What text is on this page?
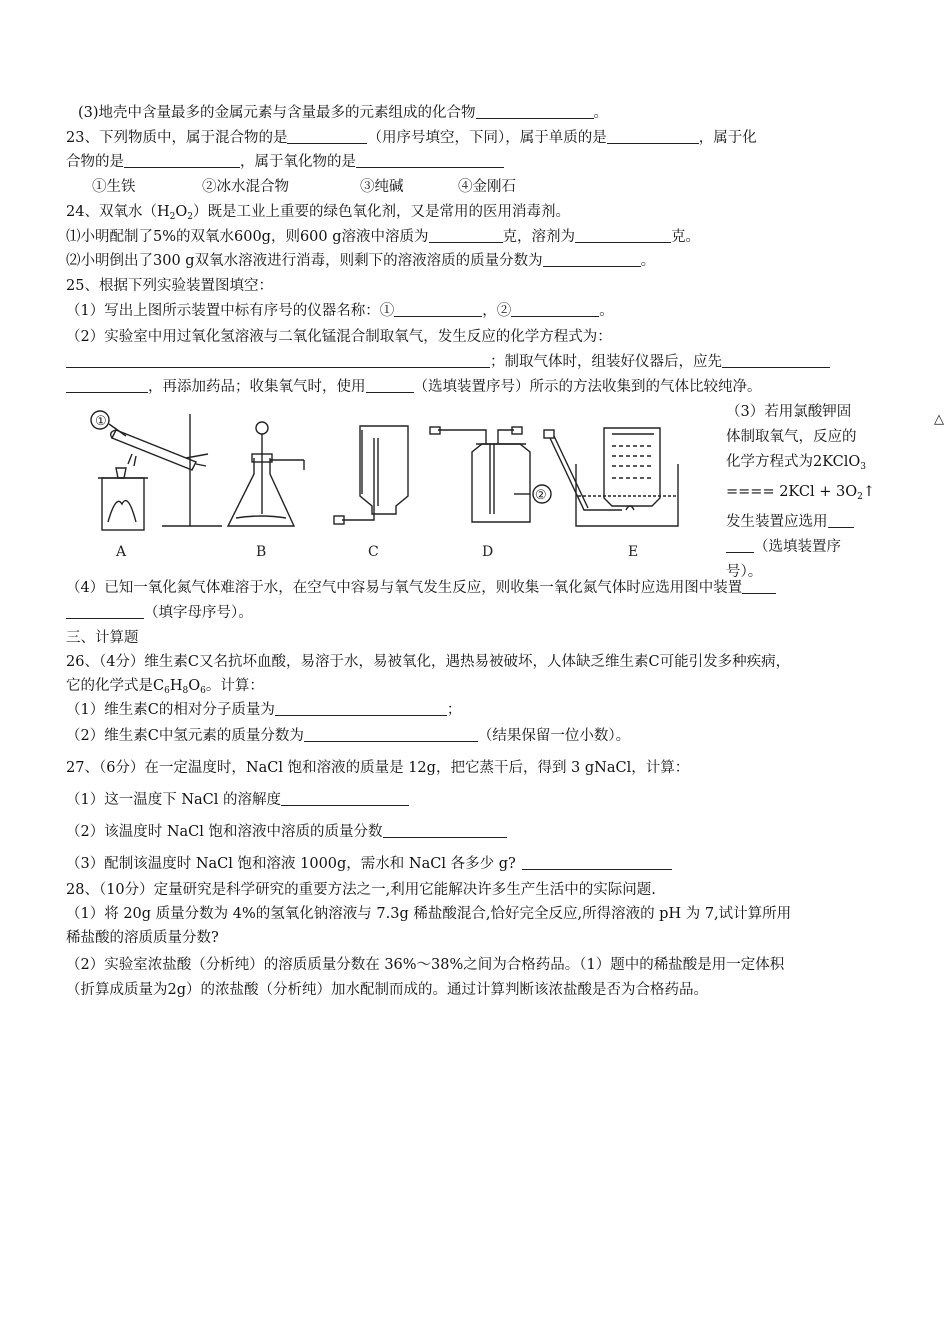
(3)地壳中含量最多的金属元素与含量最多的元素组成的化合物	。
23、下列物质中，属于混合物的是	（用序号填空，下同），属于单质的是	，属于化
合物的是	，属于氧化物的是
①生铁	②冰水混合物	③纯碱	④金刚石
24、双氧水$(H_2O_2)$既是工业上重要的绿色氧化剂，又是常用的医用消毒剂。
⑴小明配制了5%的双氧水600g，则600 g溶液中溶质为	克，溶剂为	克。
⑵小明倒出了300 g双氧水溶液进行消毒，则剩下的溶液溶质的质量分数为	。
25、根据下列实验装置图填空：
（1）写出上图所示装置中标有序号的仪器名称：①	，②	。
（2）实验室中用过氧化氢溶液与二氧化锰混合制取氧气，发生反应的化学方程式为：
；制取气体时，组装好仪器后，应先
，再添加药品；收集氧气时，使用	（选填装置序号）所示的方法收集到的气体比较纯净。
△
①
A	B	C
②
D	E
（3）若用氯酸钾固
体制取氧气，反应的
化学方程式为2KClO$_3$
==== $2KCl + 3O_2↑$
发生装置应选用
（选填装置序
号）。
（4）已知一氧化氮气体难溶于水，在空气中容易与氧气发生反应，则收集一氧化氮气体时应选用图中装置
（填字母序号）。
三、计算题
26、（4分）维生素C又名抗坏血酸，易溶于水，易被氧化，遇热易被破坏，人体缺乏维生素C可能引发多种疾病，
它的化学式是$C_6H_8O_6$。计算：
（1）维生素C的相对分子质量为	；
（2）维生素C中氢元素的质量分数为	（结果保留一位小数）。
27、（6分）在一定温度时，NaCl 饱和溶液的质量是 12g，把它蒸干后，得到 3 gNaCl，计算：
（1）这一温度下 NaCl 的溶解度
（2）该温度时 NaCl 饱和溶液中溶质的质量分数
（3）配制该温度时 NaCl 饱和溶液 1000g，需水和 NaCl 各多少 g?
28、（10分）定量研究是科学研究的重要方法之一,利用它能解决许多生产生活中的实际问题.
（1）将 20g 质量分数为 4%的氢氧化钠溶液与 7.3g 稀盐酸混合,恰好完全反应,所得溶液的 pH 为 7,试计算所用
稀盐酸的溶质质量分数?
（2）实验室浓盐酸（分析纯）的溶质质量分数在 36%～38%之间为合格药品。（1）题中的稀盐酸是用一定体积
（折算成质量为2g）的浓盐酸（分析纯）加水配制而成的。通过计算判断该浓盐酸是否为合格药品。
